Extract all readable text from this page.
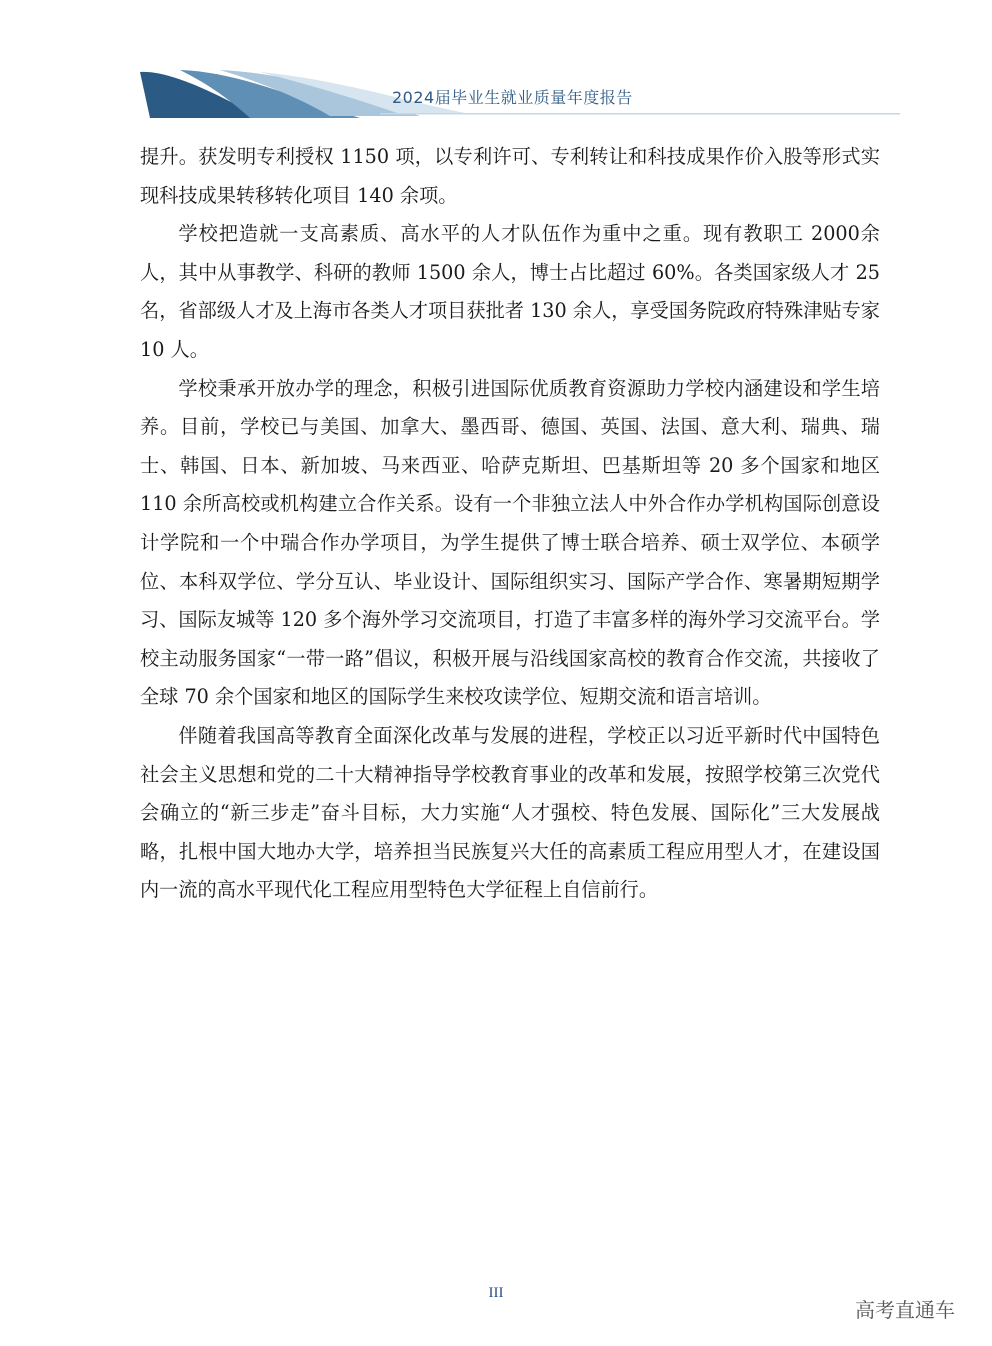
2024届毕业生就业质量年度报告

提升。获发明专利授权 1150 项，以专利许可、专利转让和科技成果作价入股等形式实现科技成果转移转化项目 140 余项。

学校把造就一支高素质、高水平的人才队伍作为重中之重。现有教职工 2000余人，其中从事教学、科研的教师 1500 余人，博士占比超过 60%。各类国家级人才 25 名，省部级人才及上海市各类人才项目获批者 130 余人，享受国务院政府特殊津贴专家 10 人。

学校秉承开放办学的理念，积极引进国际优质教育资源助力学校内涵建设和学生培养。目前，学校已与美国、加拿大、墨西哥、德国、英国、法国、意大利、瑞典、瑞士、韩国、日本、新加坡、马来西亚、哈萨克斯坦、巴基斯坦等 20 多个国家和地区 110 余所高校或机构建立合作关系。设有一个非独立法人中外合作办学机构国际创意设计学院和一个中瑞合作办学项目，为学生提供了博士联合培养、硕士双学位、本硕学位、本科双学位、学分互认、毕业设计、国际组织实习、国际产学合作、寒暑期短期学习、国际友城等 120 多个海外学习交流项目，打造了丰富多样的海外学习交流平台。学校主动服务国家“一带一路”倡议，积极开展与沿线国家高校的教育合作交流，共接收了全球 70 余个国家和地区的国际学生来校攻读学位、短期交流和语言培训。

伴随着我国高等教育全面深化改革与发展的进程，学校正以习近平新时代中国特色社会主义思想和党的二十大精神指导学校教育事业的改革和发展，按照学校第三次党代会确立的“新三步走”奋斗目标，大力实施“人才强校、特色发展、国际化”三大发展战略，扎根中国大地办大学，培养担当民族复兴大任的高素质工程应用型人才，在建设国内一流的高水平现代化工程应用型特色大学征程上自信前行。

III
高考直通车
